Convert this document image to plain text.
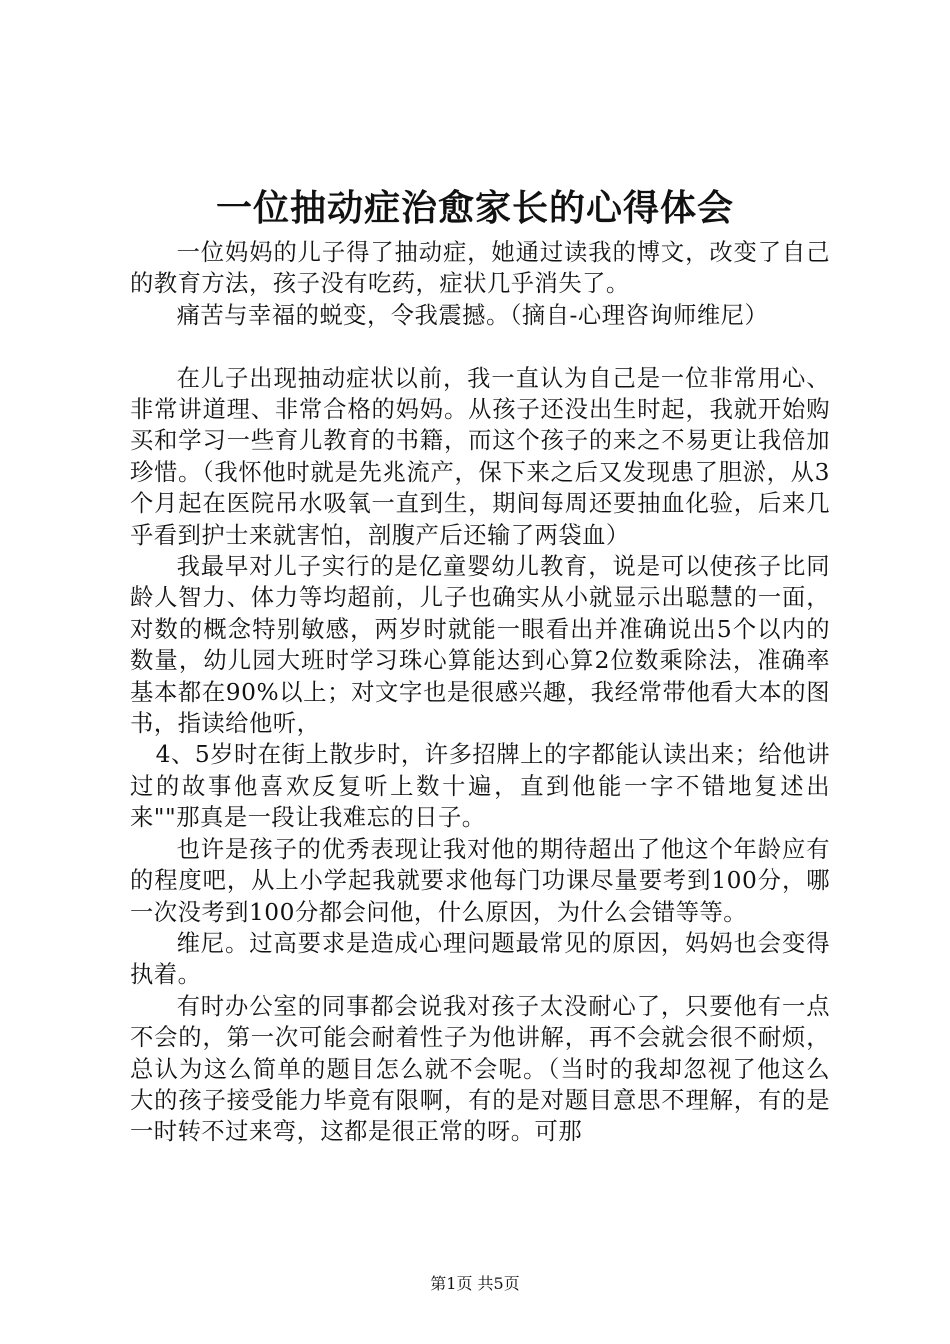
一位抽动症治愈家长的心得体会

一位妈妈的儿子得了抽动症，她通过读我的博文，改变了自己的教育方法，孩子没有吃药，症状几乎消失了。

痛苦与幸福的蜕变，令我震撼。（摘自-心理咨询师维尼）

在儿子出现抽动症状以前，我一直认为自己是一位非常用心、非常讲道理、非常合格的妈妈。从孩子还没出生时起，我就开始购买和学习一些育儿教育的书籍，而这个孩子的来之不易更让我倍加珍惜。（我怀他时就是先兆流产，保下来之后又发现患了胆淤，从3个月起在医院吊水吸氧一直到生，期间每周还要抽血化验，后来几乎看到护士来就害怕，剖腹产后还输了两袋血）

我最早对儿子实行的是亿童婴幼儿教育，说是可以使孩子比同龄人智力、体力等均超前，儿子也确实从小就显示出聪慧的一面，对数的概念特别敏感，两岁时就能一眼看出并准确说出5个以内的数量，幼儿园大班时学习珠心算能达到心算2位数乘除法，准确率基本都在90%以上；对文字也是很感兴趣，我经常带他看大本的图书，指读给他听，

4、5岁时在街上散步时，许多招牌上的字都能认读出来；给他讲过的故事他喜欢反复听上数十遍，直到他能一字不错地复述出来""那真是一段让我难忘的日子。

也许是孩子的优秀表现让我对他的期待超出了他这个年龄应有的程度吧，从上小学起我就要求他每门功课尽量要考到100分，哪一次没考到100分都会问他，什么原因，为什么会错等等。

维尼。过高要求是造成心理问题最常见的原因，妈妈也会变得执着。

有时办公室的同事都会说我对孩子太没耐心了，只要他有一点不会的，第一次可能会耐着性子为他讲解，再不会就会很不耐烦，总认为这么简单的题目怎么就不会呢。（当时的我却忽视了他这么大的孩子接受能力毕竟有限啊，有的是对题目意思不理解，有的是一时转不过来弯，这都是很正常的呀。可那

第1页 共5页
